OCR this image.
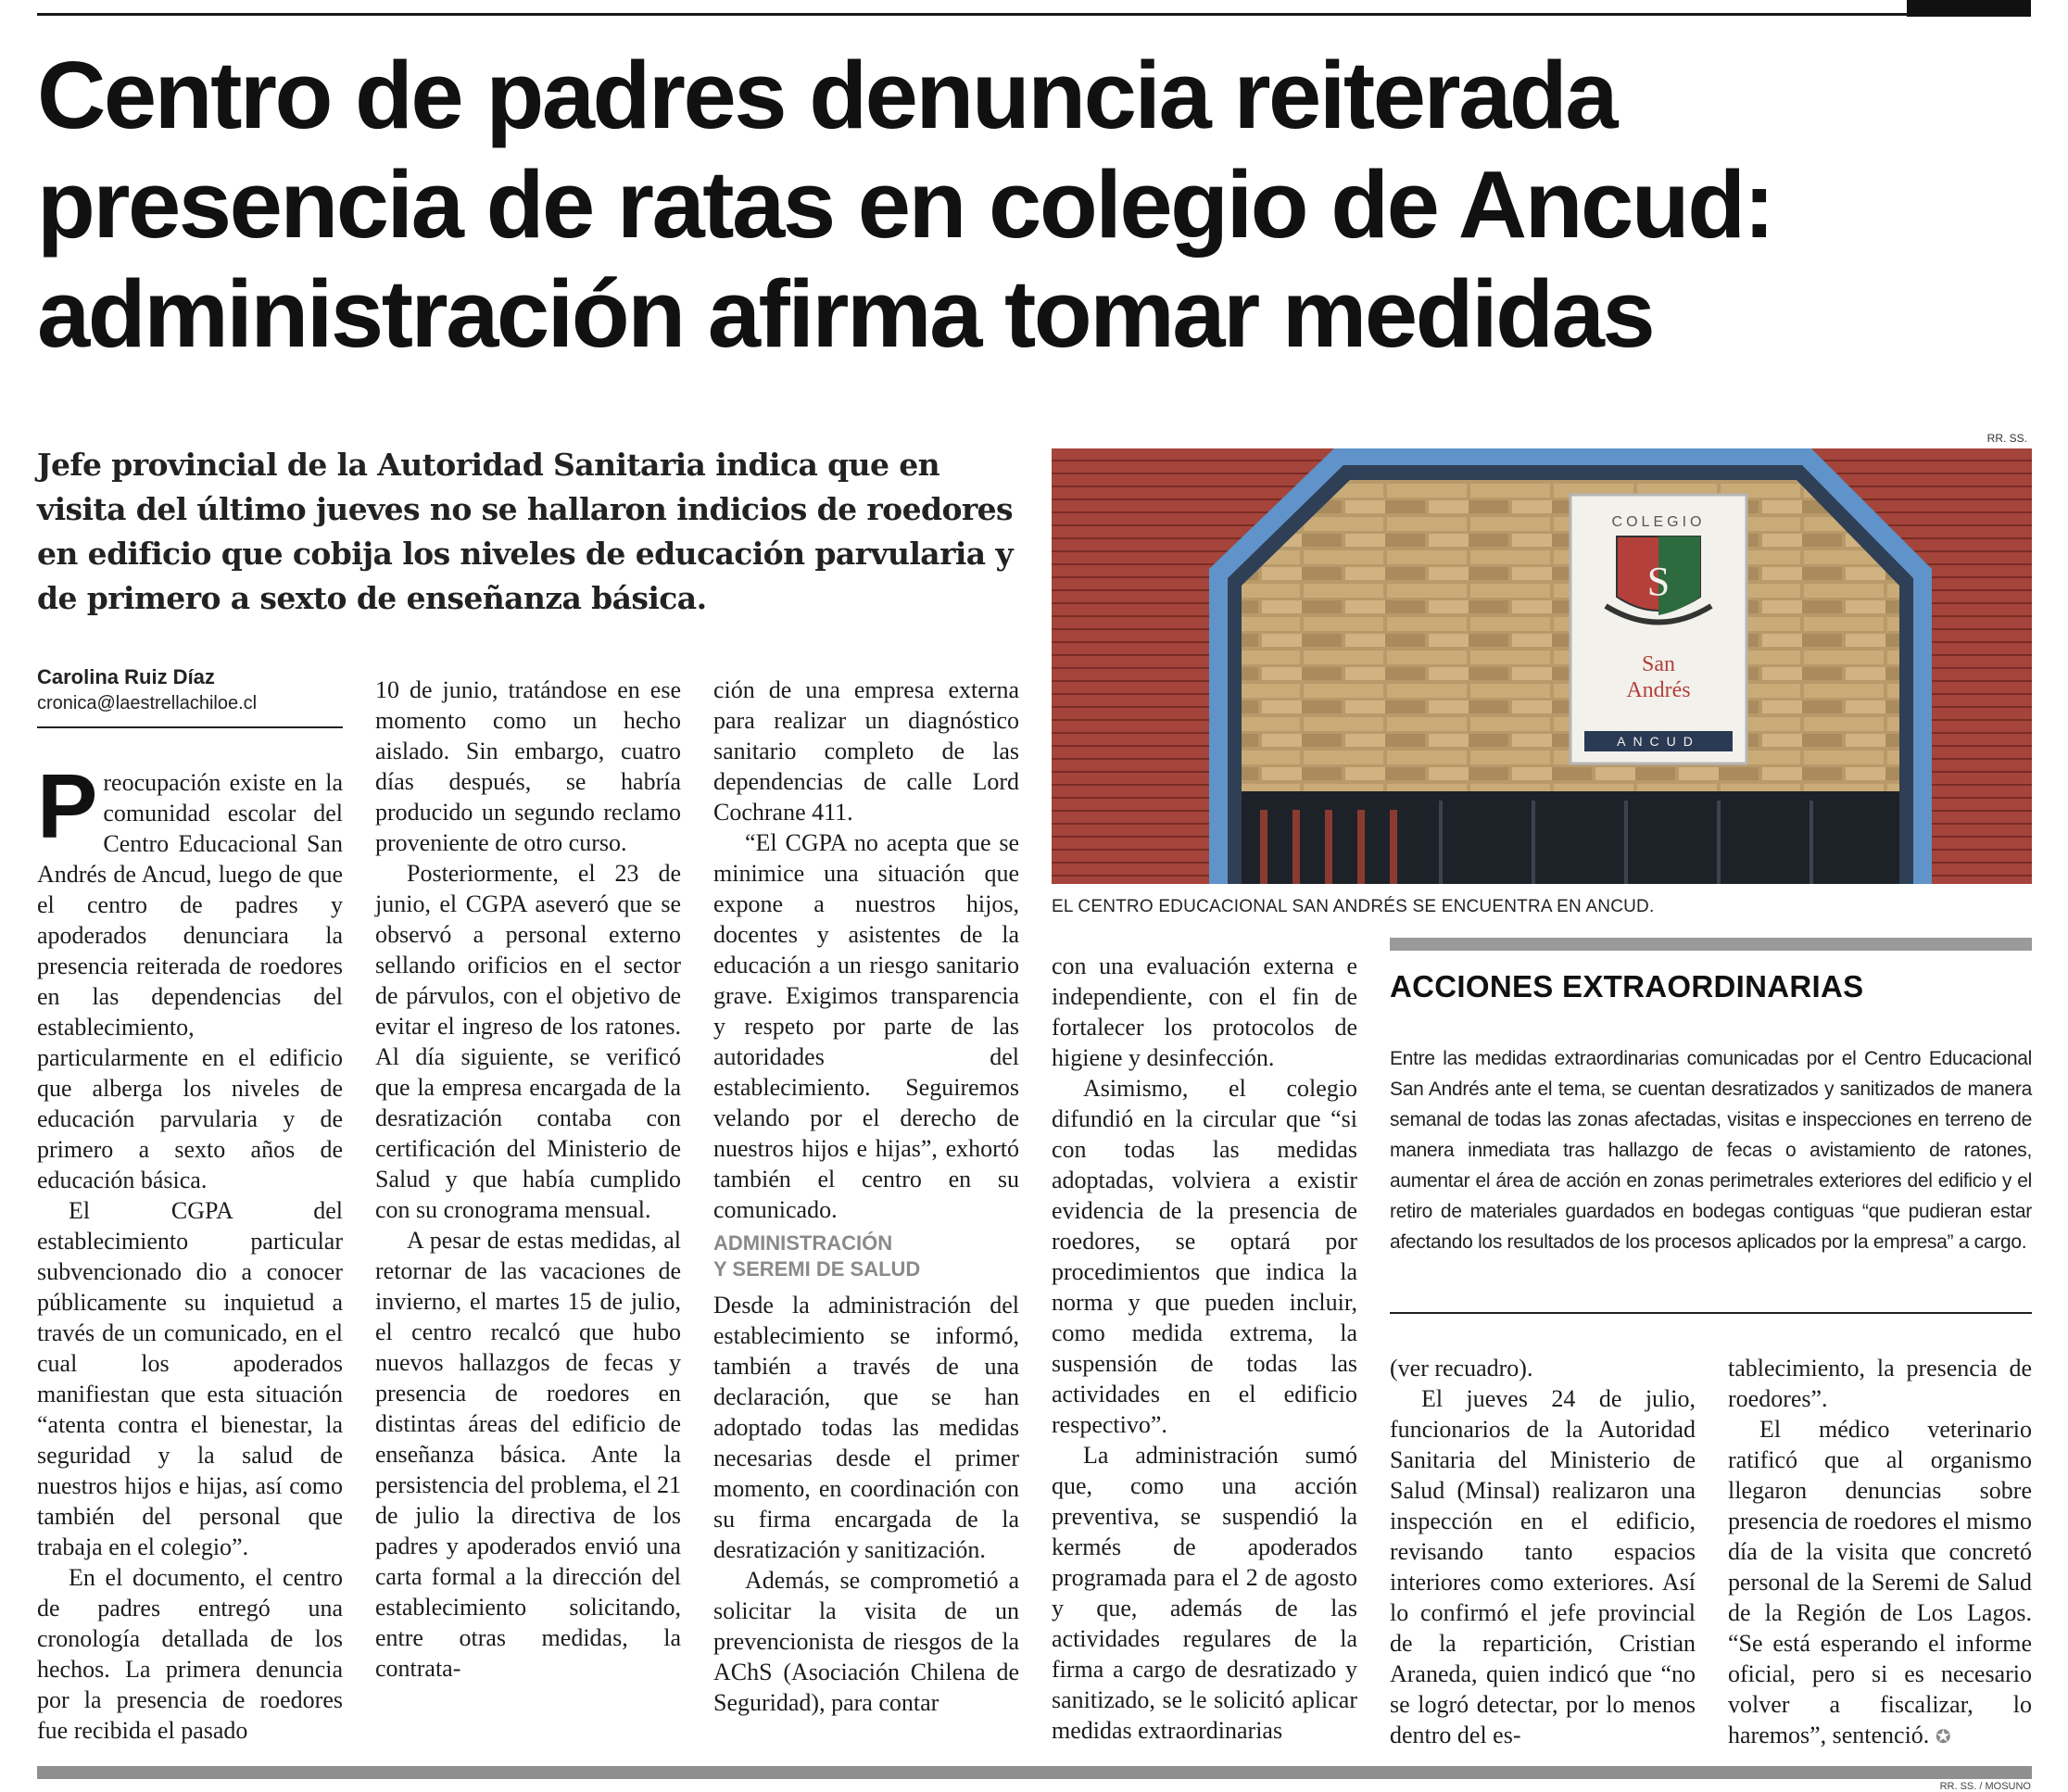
Centro de padres denuncia reiterada
presencia de ratas en colegio de Ancud:
administración afirma tomar medidas
Jefe provincial de la Autoridad Sanitaria indica que en visita del último jueves no se hallaron indicios de roedores en edificio que cobija los niveles de educación parvularia y de primero a sexto de enseñanza básica.
RR. SS.
COLEGIO
S
San
Andrés
ANCUD
EL CENTRO EDUCACIONAL SAN ANDRÉS SE ENCUENTRA EN ANCUD.
Carolina Ruiz Díaz
cronica@laestrellachiloe.cl

Preocupación existe en la comunidad escolar del Centro Educacional San Andrés de Ancud, luego de que el centro de padres y apoderados denunciara la presencia reiterada de roedores en las dependencias del establecimiento, particularmente en el edificio que alberga los niveles de educación parvularia y de primero a sexto años de educación básica.

El CGPA del establecimiento particular subvencionado dio a conocer públicamente su inquietud a través de un comunicado, en el cual los apoderados manifiestan que esta situación “atenta contra el bienestar, la seguridad y la salud de nuestros hijos e hijas, así como también del personal que trabaja en el colegio”.

En el documento, el centro de padres entregó una cronología detallada de los hechos. La primera denuncia por la presencia de roedores fue recibida el pasado

10 de junio, tratándose en ese momento como un hecho aislado. Sin embargo, cuatro días después, se habría producido un segundo reclamo proveniente de otro curso.

Posteriormente, el 23 de junio, el CGPA aseveró que se observó a personal externo sellando orificios en el sector de párvulos, con el objetivo de evitar el ingreso de los ratones. Al día siguiente, se verificó que la empresa encargada de la desratización contaba con certificación del Ministerio de Salud y que había cumplido con su cronograma mensual.

A pesar de estas medidas, al retornar de las vacaciones de invierno, el martes 15 de julio, el centro recalcó que hubo nuevos hallazgos de fecas y presencia de roedores en distintas áreas del edificio de enseñanza básica. Ante la persistencia del problema, el 21 de julio la directiva de los padres y apoderados envió una carta formal a la dirección del establecimiento solicitando, entre otras medidas, la contrata-

ción de una empresa externa para realizar un diagnóstico sanitario completo de las dependencias de calle Lord Cochrane 411.

“El CGPA no acepta que se minimice una situación que expone a nuestros hijos, docentes y asistentes de la educación a un riesgo sanitario grave. Exigimos transparencia y respeto por parte de las autoridades del establecimiento. Seguiremos velando por el derecho de nuestros hijos e hijas”, exhortó también el centro en su comunicado.

ADMINISTRACIÓN
Y SEREMI DE SALUD

Desde la administración del establecimiento se informó, también a través de una declaración, que se han adoptado todas las medidas necesarias desde el primer momento, en coordinación con su firma encargada de la desratización y sanitización.

Además, se comprometió a solicitar la visita de un prevencionista de riesgos de la AChS (Asociación Chilena de Seguridad), para contar

con una evaluación externa e independiente, con el fin de fortalecer los protocolos de higiene y desinfección.

Asimismo, el colegio difundió en la circular que “si con todas las medidas adoptadas, volviera a existir evidencia de la presencia de roedores, se optará por procedimientos que indica la norma y que pueden incluir, como medida extrema, la suspensión de todas las actividades en el edificio respectivo”.

La administración sumó que, como una acción preventiva, se suspendió la kermés de apoderados programada para el 2 de agosto y que, además de las actividades regulares de la firma a cargo de desratizado y sanitizado, se le solicitó aplicar medidas extraordinarias

ACCIONES EXTRAORDINARIAS
Entre las medidas extraordinarias comunicadas por el Centro Educacional San Andrés ante el tema, se cuentan desratizados y sanitizados de manera semanal de todas las zonas afectadas, visitas e inspecciones en terreno de manera inmediata tras hallazgo de fecas o avistamiento de ratones, aumentar el área de acción en zonas perimetrales exteriores del edificio y el retiro de materiales guardados en bodegas contiguas “que pudieran estar afectando los resultados de los procesos aplicados por la empresa” a cargo.

(ver recuadro).

El jueves 24 de julio, funcionarios de la Autoridad Sanitaria del Ministerio de Salud (Minsal) realizaron una inspección en el edificio, revisando tanto espacios interiores como exteriores. Así lo confirmó el jefe provincial de la repartición, Cristian Araneda, quien indicó que “no se logró detectar, por lo menos dentro del es-

tablecimiento, la presencia de roedores”.

El médico veterinario ratificó que al organismo llegaron denuncias sobre presencia de roedores el mismo día de la visita que concretó personal de la Seremi de Salud de la Región de Los Lagos. “Se está esperando el informe oficial, pero si es necesario volver a fiscalizar, lo haremos”, sentenció. ✪

RR. SS. / MOSUNO
